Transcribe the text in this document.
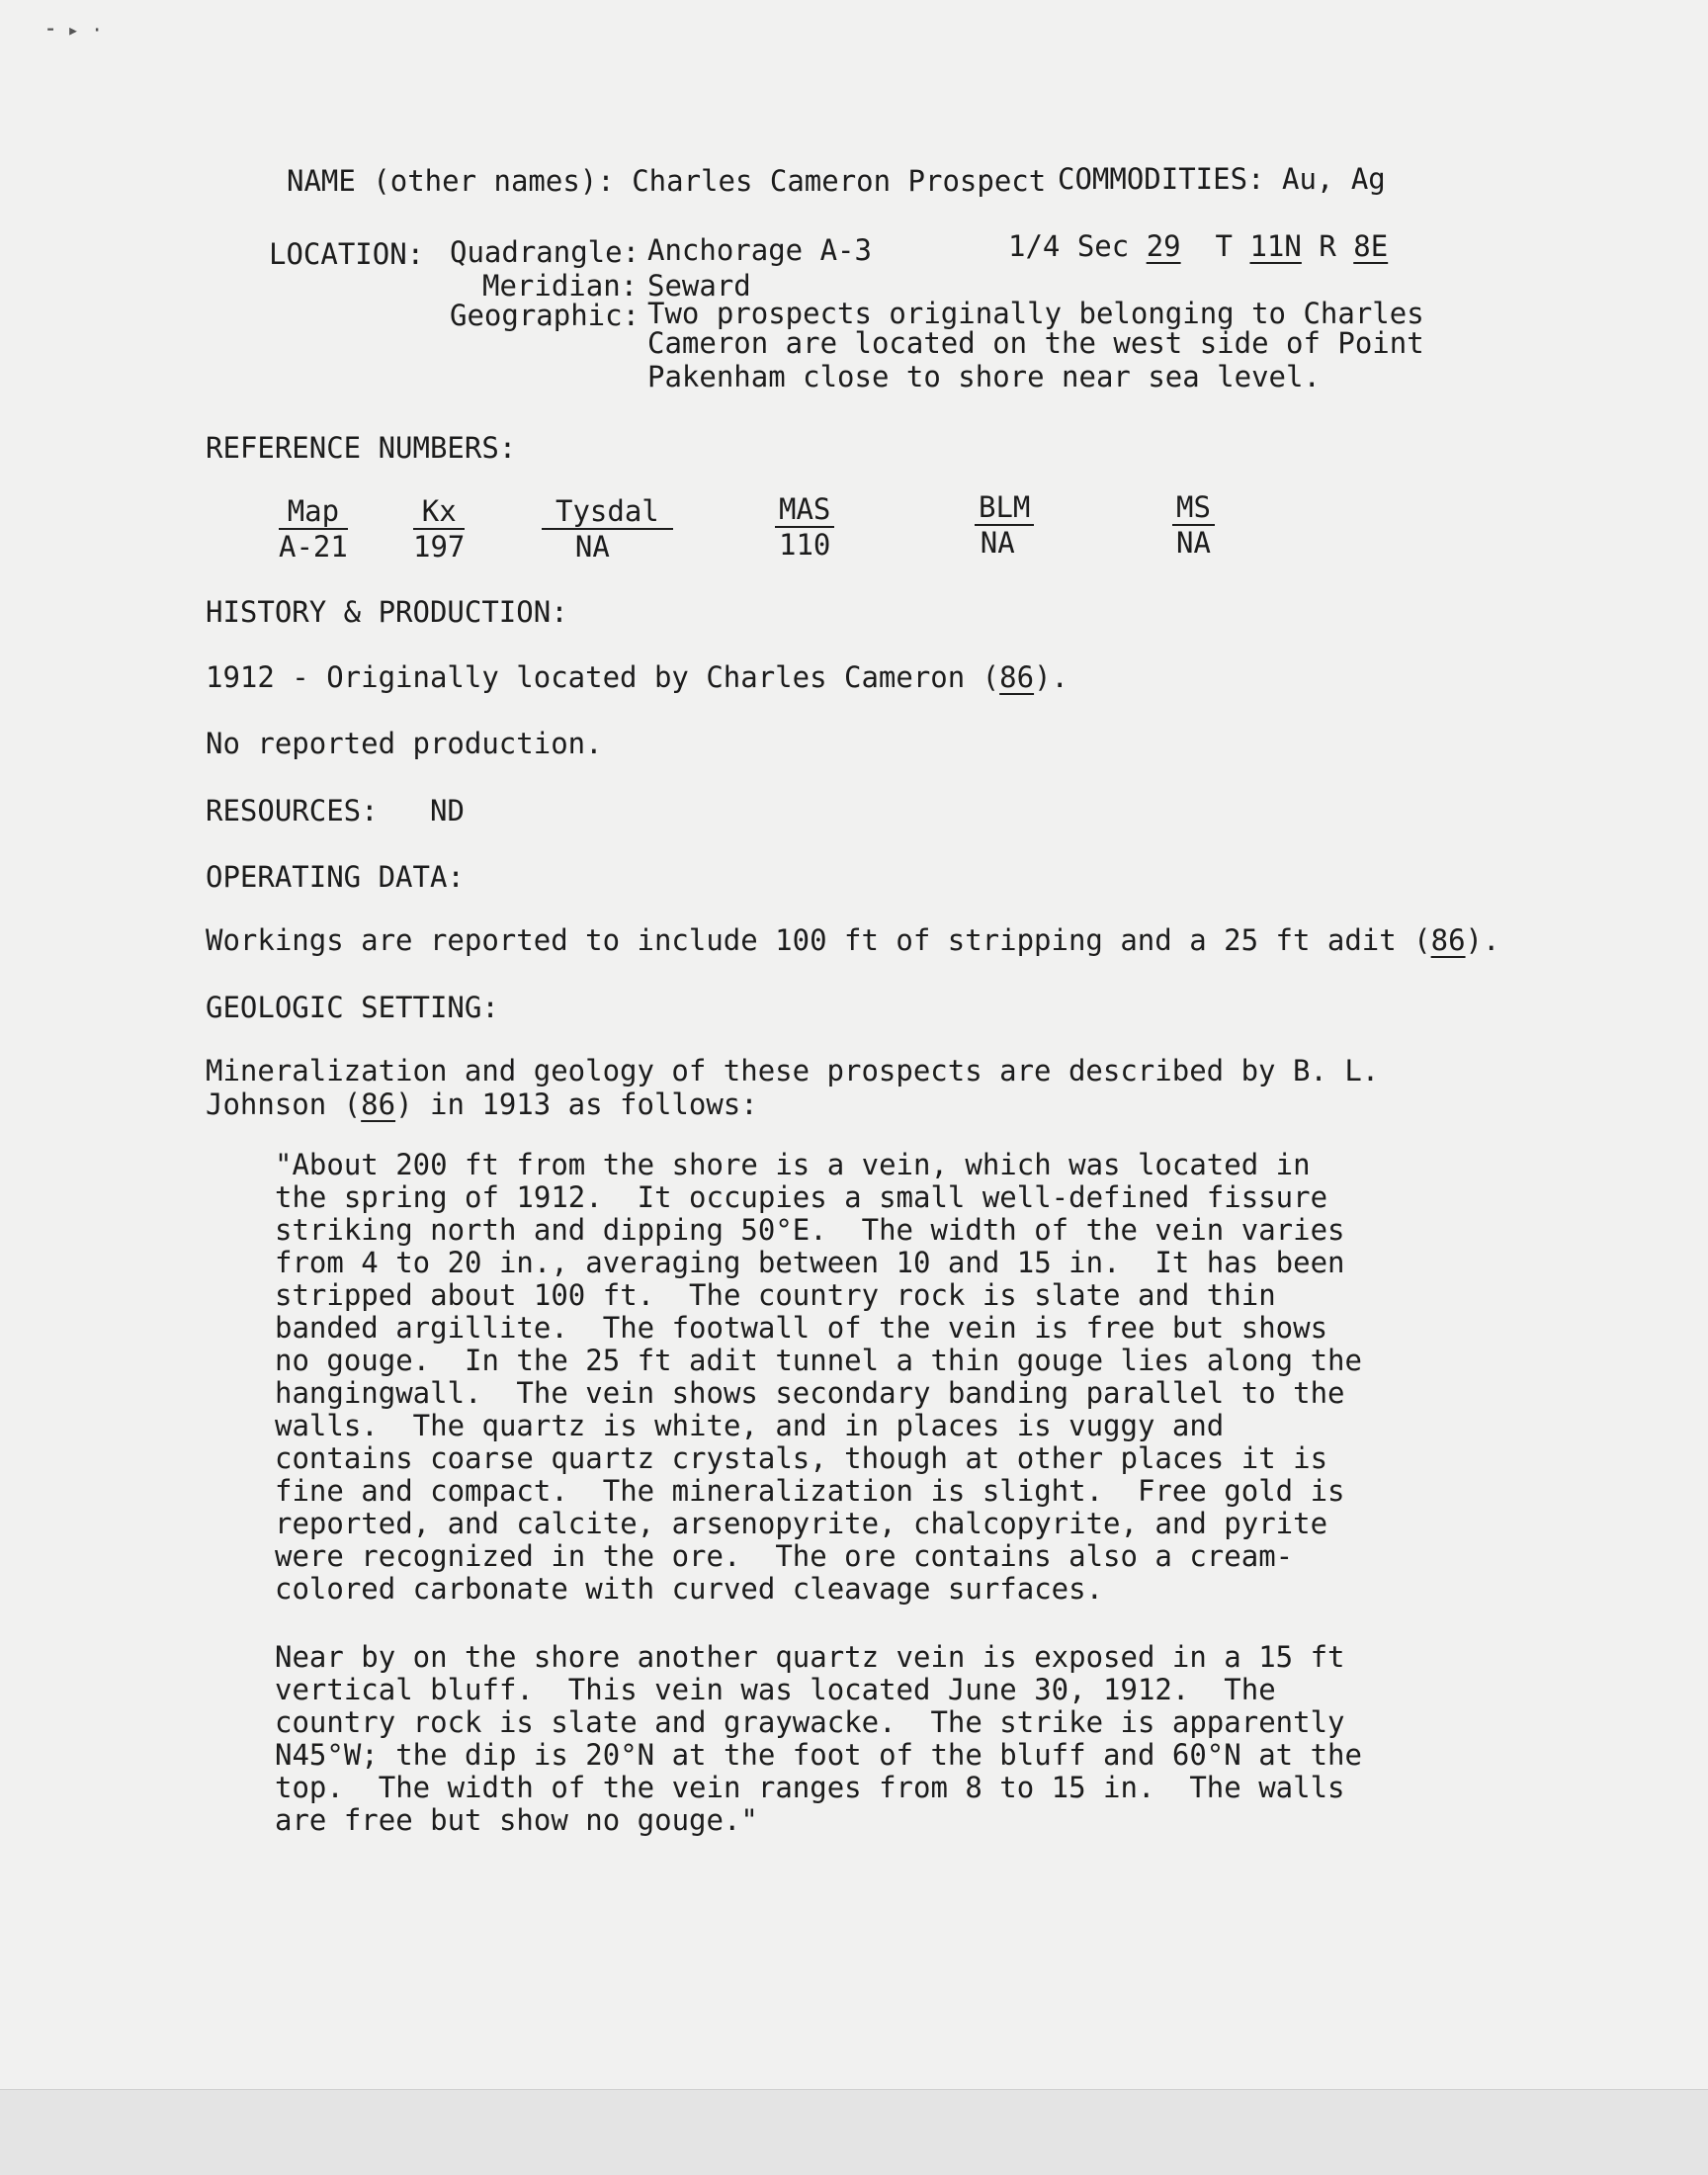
⁃ ▸ ·
NAME (other names): Charles Cameron Prospect COMMODITIES: Au, Ag
LOCATION: Quadrangle: Anchorage A-3	1/4 Sec 29 T 11N R 8E
Meridian: Seward
Geographic: Two prospects originally belonging to Charles
Cameron are located on the west side of Point
Pakenham close to shore near sea level.
REFERENCE NUMBERS:
Map
A-21
Kx
197
Tysdal
NA
MAS
110
BLM
NA
MS
NA
HISTORY & PRODUCTION:
1912 - Originally located by Charles Cameron (86).
No reported production.
RESOURCES: ND
OPERATING DATA:
Workings are reported to include 100 ft of stripping and a 25 ft adit (86).
GEOLOGIC SETTING:
Mineralization and geology of these prospects are described by B. L.
Johnson (86) in 1913 as follows:
"About 200 ft from the shore is a vein, which was located in
the spring of 1912.  It occupies a small well-defined fissure
striking north and dipping 50°E.  The width of the vein varies
from 4 to 20 in., averaging between 10 and 15 in.  It has been
stripped about 100 ft.  The country rock is slate and thin
banded argillite.  The footwall of the vein is free but shows
no gouge.  In the 25 ft adit tunnel a thin gouge lies along the
hangingwall.  The vein shows secondary banding parallel to the
walls.  The quartz is white, and in places is vuggy and
contains coarse quartz crystals, though at other places it is
fine and compact.  The mineralization is slight.  Free gold is
reported, and calcite, arsenopyrite, chalcopyrite, and pyrite
were recognized in the ore.  The ore contains also a cream-
colored carbonate with curved cleavage surfaces.
Near by on the shore another quartz vein is exposed in a 15 ft
vertical bluff.  This vein was located June 30, 1912.  The
country rock is slate and graywacke.  The strike is apparently
N45°W; the dip is 20°N at the foot of the bluff and 60°N at the
top.  The width of the vein ranges from 8 to 15 in.  The walls
are free but show no gouge."
